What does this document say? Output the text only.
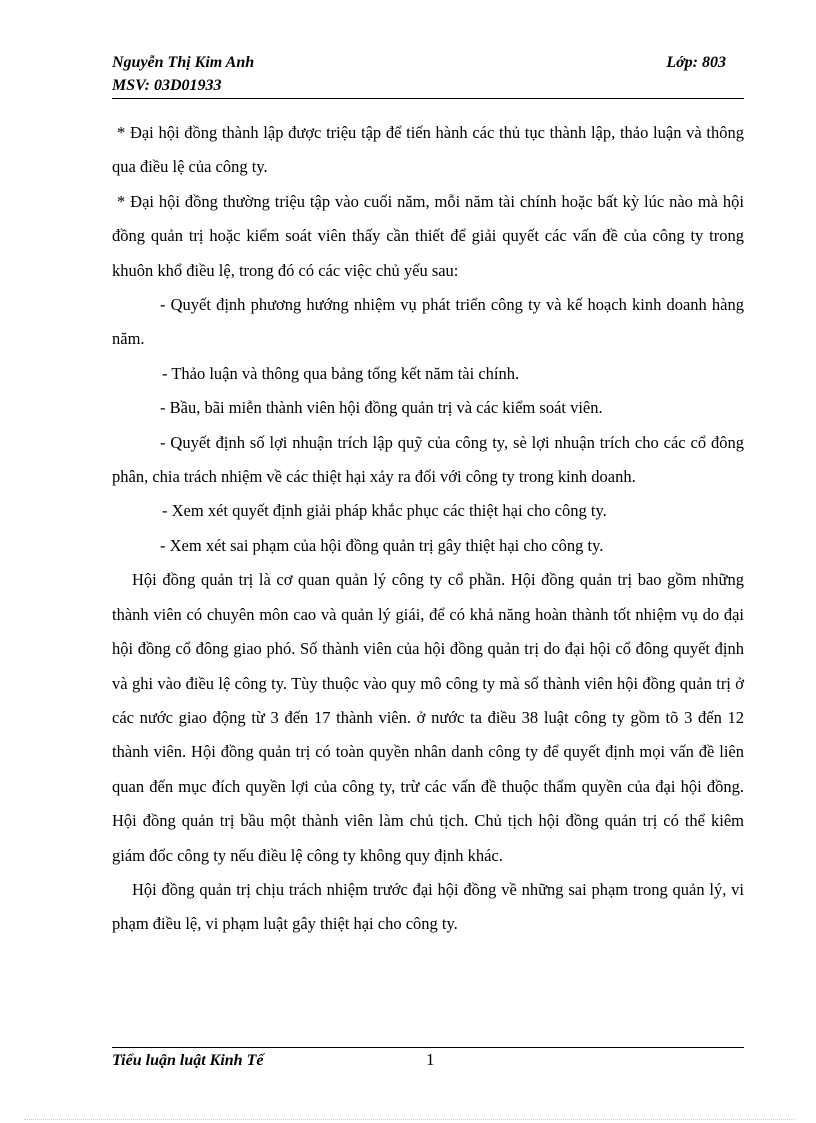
Nguyễn Thị Kim Anh
MSV: 03D01933
Lớp: 803

* Đại hội đồng thành lập được triệu tập để tiến hành các thủ tục thành lập, thảo luận và thông qua điều lệ của công ty.

* Đại hội đồng thường triệu tập vào cuối năm, mỗi năm tài chính hoặc bất kỳ lúc nào mà hội đồng quản trị hoặc kiểm soát viên thấy cần thiết để giải quyết các vấn đề của công ty trong khuôn khổ điều lệ, trong đó có các việc chủ yếu sau:

- Quyết định phương hướng nhiệm vụ phát triển công ty và kế hoạch kinh doanh hàng năm.

- Thảo luận và thông qua bảng tổng kết năm tài chính.

- Bầu, bãi miễn thành viên hội đồng quản trị và các kiểm soát viên.

- Quyết định số lợi nhuận trích lập quỹ của công ty, sè lợi nhuận trích cho các cổ đông phân, chia trách nhiệm về các thiệt hại xảy ra đối với công ty trong kinh doanh.

- Xem xét quyết định giải pháp khắc phục các thiệt hại cho công ty.

- Xem xét sai phạm của hội đồng quản trị gây thiệt hại cho công ty.

Hội đồng quản trị là cơ quan quản lý công ty cổ phần. Hội đồng quản trị bao gồm những thành viên có chuyên môn cao và quản lý giái, để có khả năng hoàn thành tốt nhiệm vụ do đại hội đồng cổ đông giao phó. Số thành viên của hội đồng quản trị do đại hội cổ đông quyết định và ghi vào điều lệ công ty. Tùy thuộc vào quy mô công ty mà số thành viên hội đồng quản trị ở các nước giao động từ 3 đến 17 thành viên. ở nước ta điều 38 luật công ty gồm tõ 3 đến 12 thành viên. Hội đồng quản trị có toàn quyền nhân danh công ty để quyết định mọi vấn đề liên quan đến mục đích quyền lợi của công ty, trừ các vấn đề thuộc thẩm quyền của đại hội đồng. Hội đồng quản trị bầu một thành viên làm chủ tịch. Chủ tịch hội đồng quản trị có thể kiêm giám đốc công ty nếu điều lệ công ty không quy định khác.

Hội đồng quản trị chịu trách nhiệm trước đại hội đồng về những sai phạm trong quản lý, vi phạm điều lệ, vi phạm luật gây thiệt hại cho công ty.

Tiểu luận luật Kinh Tế	1
